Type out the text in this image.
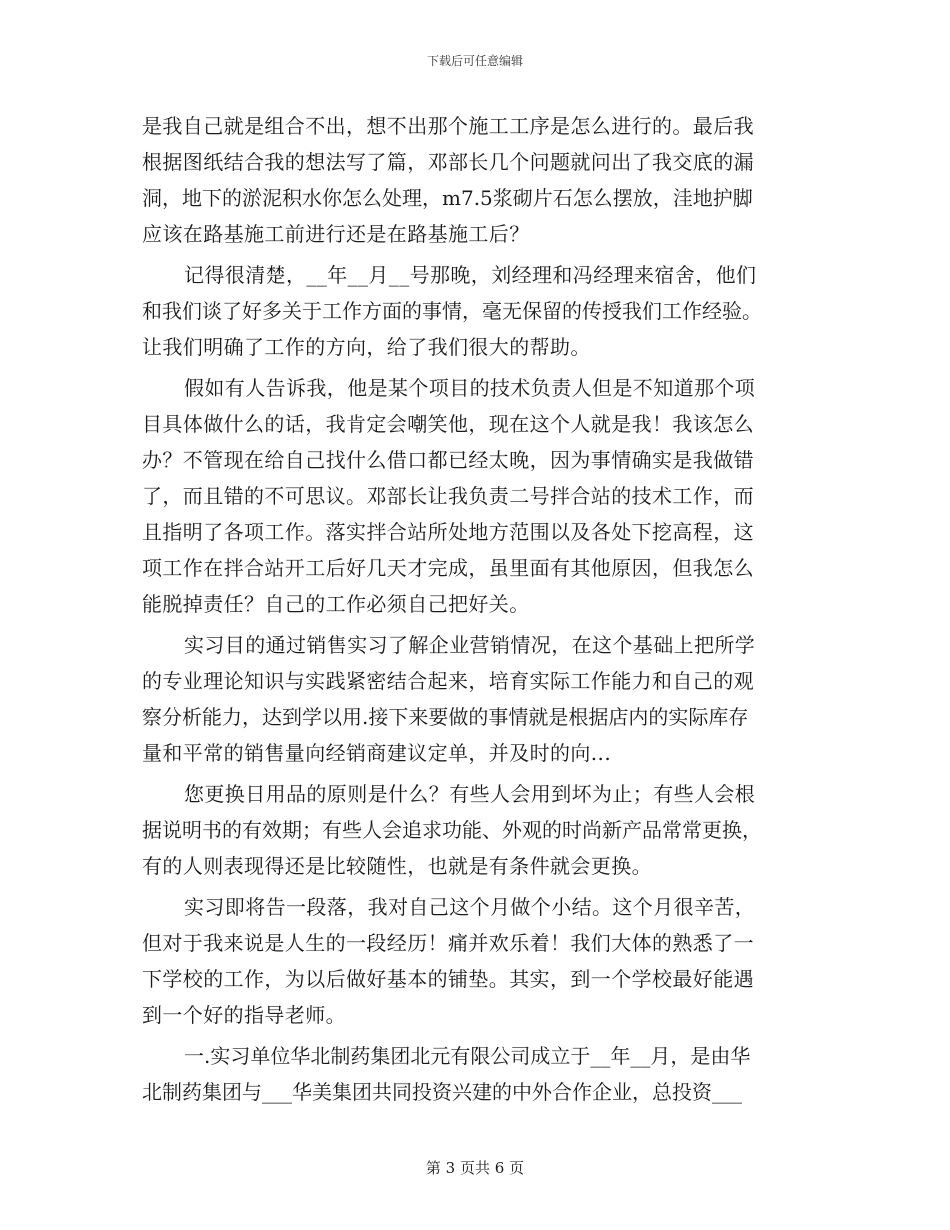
下载后可任意编辑
是我自己就是组合不出，想不出那个施工工序是怎么进行的。最后我
根据图纸结合我的想法写了篇，邓部长几个问题就问出了我交底的漏
洞，地下的淤泥积水你怎么处理，m7.5浆砌片石怎么摆放，洼地护脚
应该在路基施工前进行还是在路基施工后？
记得很清楚，__年__月__号那晚，刘经理和冯经理来宿舍，他们
和我们谈了好多关于工作方面的事情，毫无保留的传授我们工作经验。
让我们明确了工作的方向，给了我们很大的帮助。
假如有人告诉我，他是某个项目的技术负责人但是不知道那个项
目具体做什么的话，我肯定会嘲笑他，现在这个人就是我！我该怎么
办？不管现在给自己找什么借口都已经太晚，因为事情确实是我做错
了，而且错的不可思议。邓部长让我负责二号拌合站的技术工作，而
且指明了各项工作。落实拌合站所处地方范围以及各处下挖高程，这
项工作在拌合站开工后好几天才完成，虽里面有其他原因，但我怎么
能脱掉责任？自己的工作必须自己把好关。
实习目的通过销售实习了解企业营销情况，在这个基础上把所学
的专业理论知识与实践紧密结合起来，培育实际工作能力和自己的观
察分析能力，达到学以用.接下来要做的事情就是根据店内的实际库存
量和平常的销售量向经销商建议定单，并及时的向...
您更换日用品的原则是什么？有些人会用到坏为止；有些人会根
据说明书的有效期；有些人会追求功能、外观的时尚新产品常常更换，
有的人则表现得还是比较随性，也就是有条件就会更换。
实习即将告一段落，我对自己这个月做个小结。这个月很辛苦，
但对于我来说是人生的一段经历！痛并欢乐着！我们大体的熟悉了一
下学校的工作，为以后做好基本的铺垫。其实，到一个学校最好能遇
到一个好的指导老师。
一.实习单位华北制药集团北元有限公司成立于__年__月，是由华
北制药集团与___华美集团共同投资兴建的中外合作企业，总投资___
第 3 页共 6 页
